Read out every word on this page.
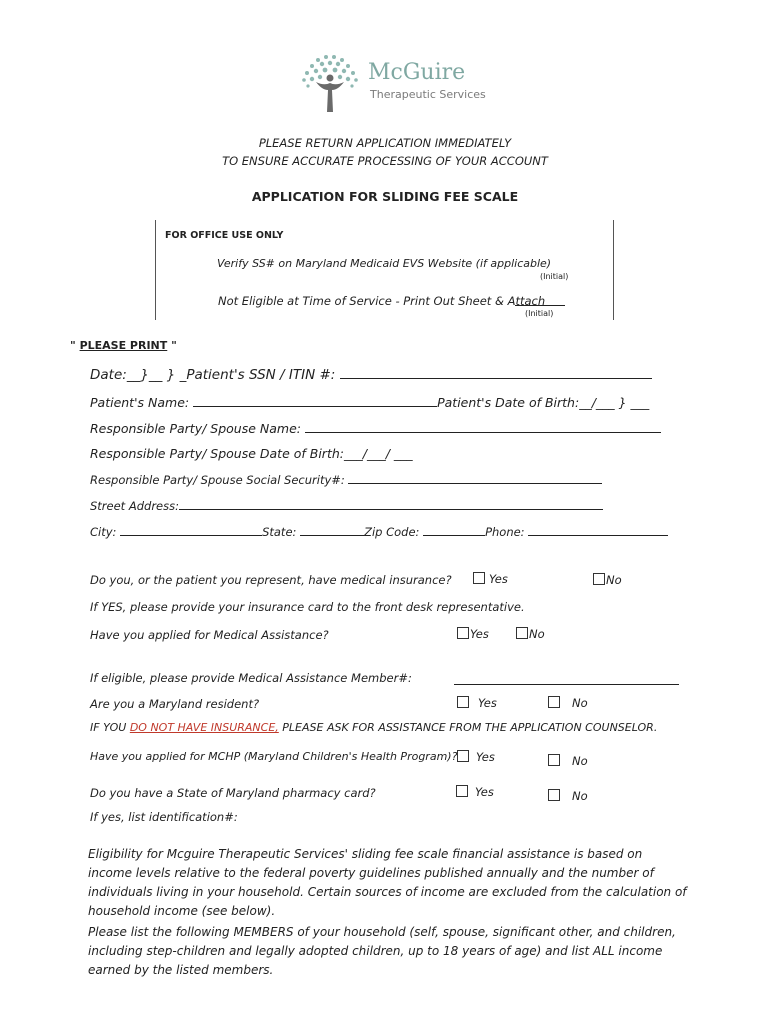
McGuire
Therapeutic Services
PLEASE RETURN APPLICATION IMMEDIATELY
TO ENSURE ACCURATE PROCESSING OF YOUR ACCOUNT
APPLICATION FOR SLIDING FEE SCALE
FOR OFFICE USE ONLY
Verify SS# on Maryland Medicaid EVS Website (if applicable)
(Initial)
Not Eligible at Time of Service - Print Out Sheet & Attach
(Initial)
" PLEASE PRINT "
Date:__}__ } _Patient's SSN / ITIN #:
Patient's Name:	Patient's Date of Birth:__/___ } ___
Responsible Party/ Spouse Name:
Responsible Party/ Spouse Date of Birth:___/___/ ___
Responsible Party/ Spouse Social Security#:
Street Address:
City:	State:	Zip Code:	Phone:
Do you, or the patient you represent, have medical insurance?	Yes	No
If YES, please provide your insurance card to the front desk representative.
Have you applied for Medical Assistance?	Yes	No
If eligible, please provide Medical Assistance Member#:
Are you a Maryland resident?	Yes	No
IF YOU DO NOT HAVE INSURANCE, PLEASE ASK FOR ASSISTANCE FROM THE APPLICATION COUNSELOR.
Have you applied for MCHP (Maryland Children's Health Program)?	Yes	No
Do you have a State of Maryland pharmacy card?	Yes	No
If yes, list identification#:
Eligibility for Mcguire Therapeutic Services' sliding fee scale financial assistance is based on income levels relative to the federal poverty guidelines published annually and the number of individuals living in your household. Certain sources of income are excluded from the calculation of household income (see below).
Please list the following MEMBERS of your household (self, spouse, significant other, and children, including step-children and legally adopted children, up to 18 years of age) and list ALL income earned by the listed members.
